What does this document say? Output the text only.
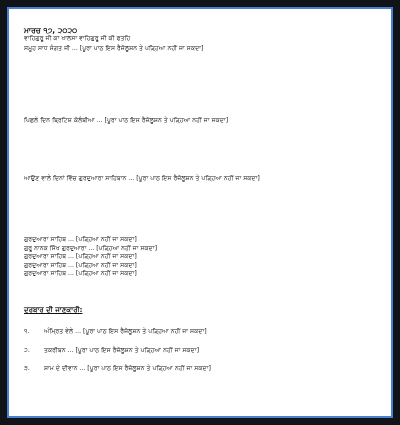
ਮਾਰਚ ੧੭, ੨੦੨੦
ਵਾਹਿਗੁਰੂ ਜੀ ਕਾ ਖਾਲਸਾ ਵਾਹਿਗੁਰੂ ਜੀ ਕੀ ਫਤਹਿ
ਸਮੂਹ ਸਾਧ ਸੰਗਤ ਜੀ ... [ਪੂਰਾ ਪਾਠ ਇਸ ਰੈਜ਼ੋਲੂਸ਼ਨ ਤੇ ਪੜ੍ਹਿਆ ਨਹੀਂ ਜਾ ਸਕਦਾ]
ਪਿਛਲੇ ਦਿਨ ਬ੍ਰਿਟਿਸ਼ ਕੋਲੰਬੀਆ ... [ਪੂਰਾ ਪਾਠ ਇਸ ਰੈਜ਼ੋਲੂਸ਼ਨ ਤੇ ਪੜ੍ਹਿਆ ਨਹੀਂ ਜਾ ਸਕਦਾ]
ਆਉਣ ਵਾਲੇ ਦਿਨਾਂ ਵਿੱਚ ਗੁਰਦੁਆਰਾ ਸਾਹਿਬਾਨ ... [ਪੂਰਾ ਪਾਠ ਇਸ ਰੈਜ਼ੋਲੂਸ਼ਨ ਤੇ ਪੜ੍ਹਿਆ ਨਹੀਂ ਜਾ ਸਕਦਾ]
ਗੁਰਦੁਆਰਾ ਸਾਹਿਬ ... [ਪੜ੍ਹਿਆ ਨਹੀਂ ਜਾ ਸਕਦਾ]
ਗੁਰੂ ਨਾਨਕ ਸਿੱਖ ਗੁਰਦੁਆਰਾ ... [ਪੜ੍ਹਿਆ ਨਹੀਂ ਜਾ ਸਕਦਾ]
ਗੁਰਦੁਆਰਾ ਸਾਹਿਬ ... [ਪੜ੍ਹਿਆ ਨਹੀਂ ਜਾ ਸਕਦਾ]
ਗੁਰਦੁਆਰਾ ਸਾਹਿਬ ... [ਪੜ੍ਹਿਆ ਨਹੀਂ ਜਾ ਸਕਦਾ]
ਗੁਰਦੁਆਰਾ ਸਾਹਿਬ ... [ਪੜ੍ਹਿਆ ਨਹੀਂ ਜਾ ਸਕਦਾ]
ਦਰਬਾਰ ਦੀ ਜਾਣਕਾਰੀ:
੧.	ਅੰਮ੍ਰਿਤ ਵੇਲੇ ... [ਪੂਰਾ ਪਾਠ ਇਸ ਰੈਜ਼ੋਲੂਸ਼ਨ ਤੇ ਪੜ੍ਹਿਆ ਨਹੀਂ ਜਾ ਸਕਦਾ]
੨.	ਤਕਰੀਬਨ ... [ਪੂਰਾ ਪਾਠ ਇਸ ਰੈਜ਼ੋਲੂਸ਼ਨ ਤੇ ਪੜ੍ਹਿਆ ਨਹੀਂ ਜਾ ਸਕਦਾ]
੩.	ਸ਼ਾਮ ਦੇ ਦੀਵਾਨ ... [ਪੂਰਾ ਪਾਠ ਇਸ ਰੈਜ਼ੋਲੂਸ਼ਨ ਤੇ ਪੜ੍ਹਿਆ ਨਹੀਂ ਜਾ ਸਕਦਾ]
